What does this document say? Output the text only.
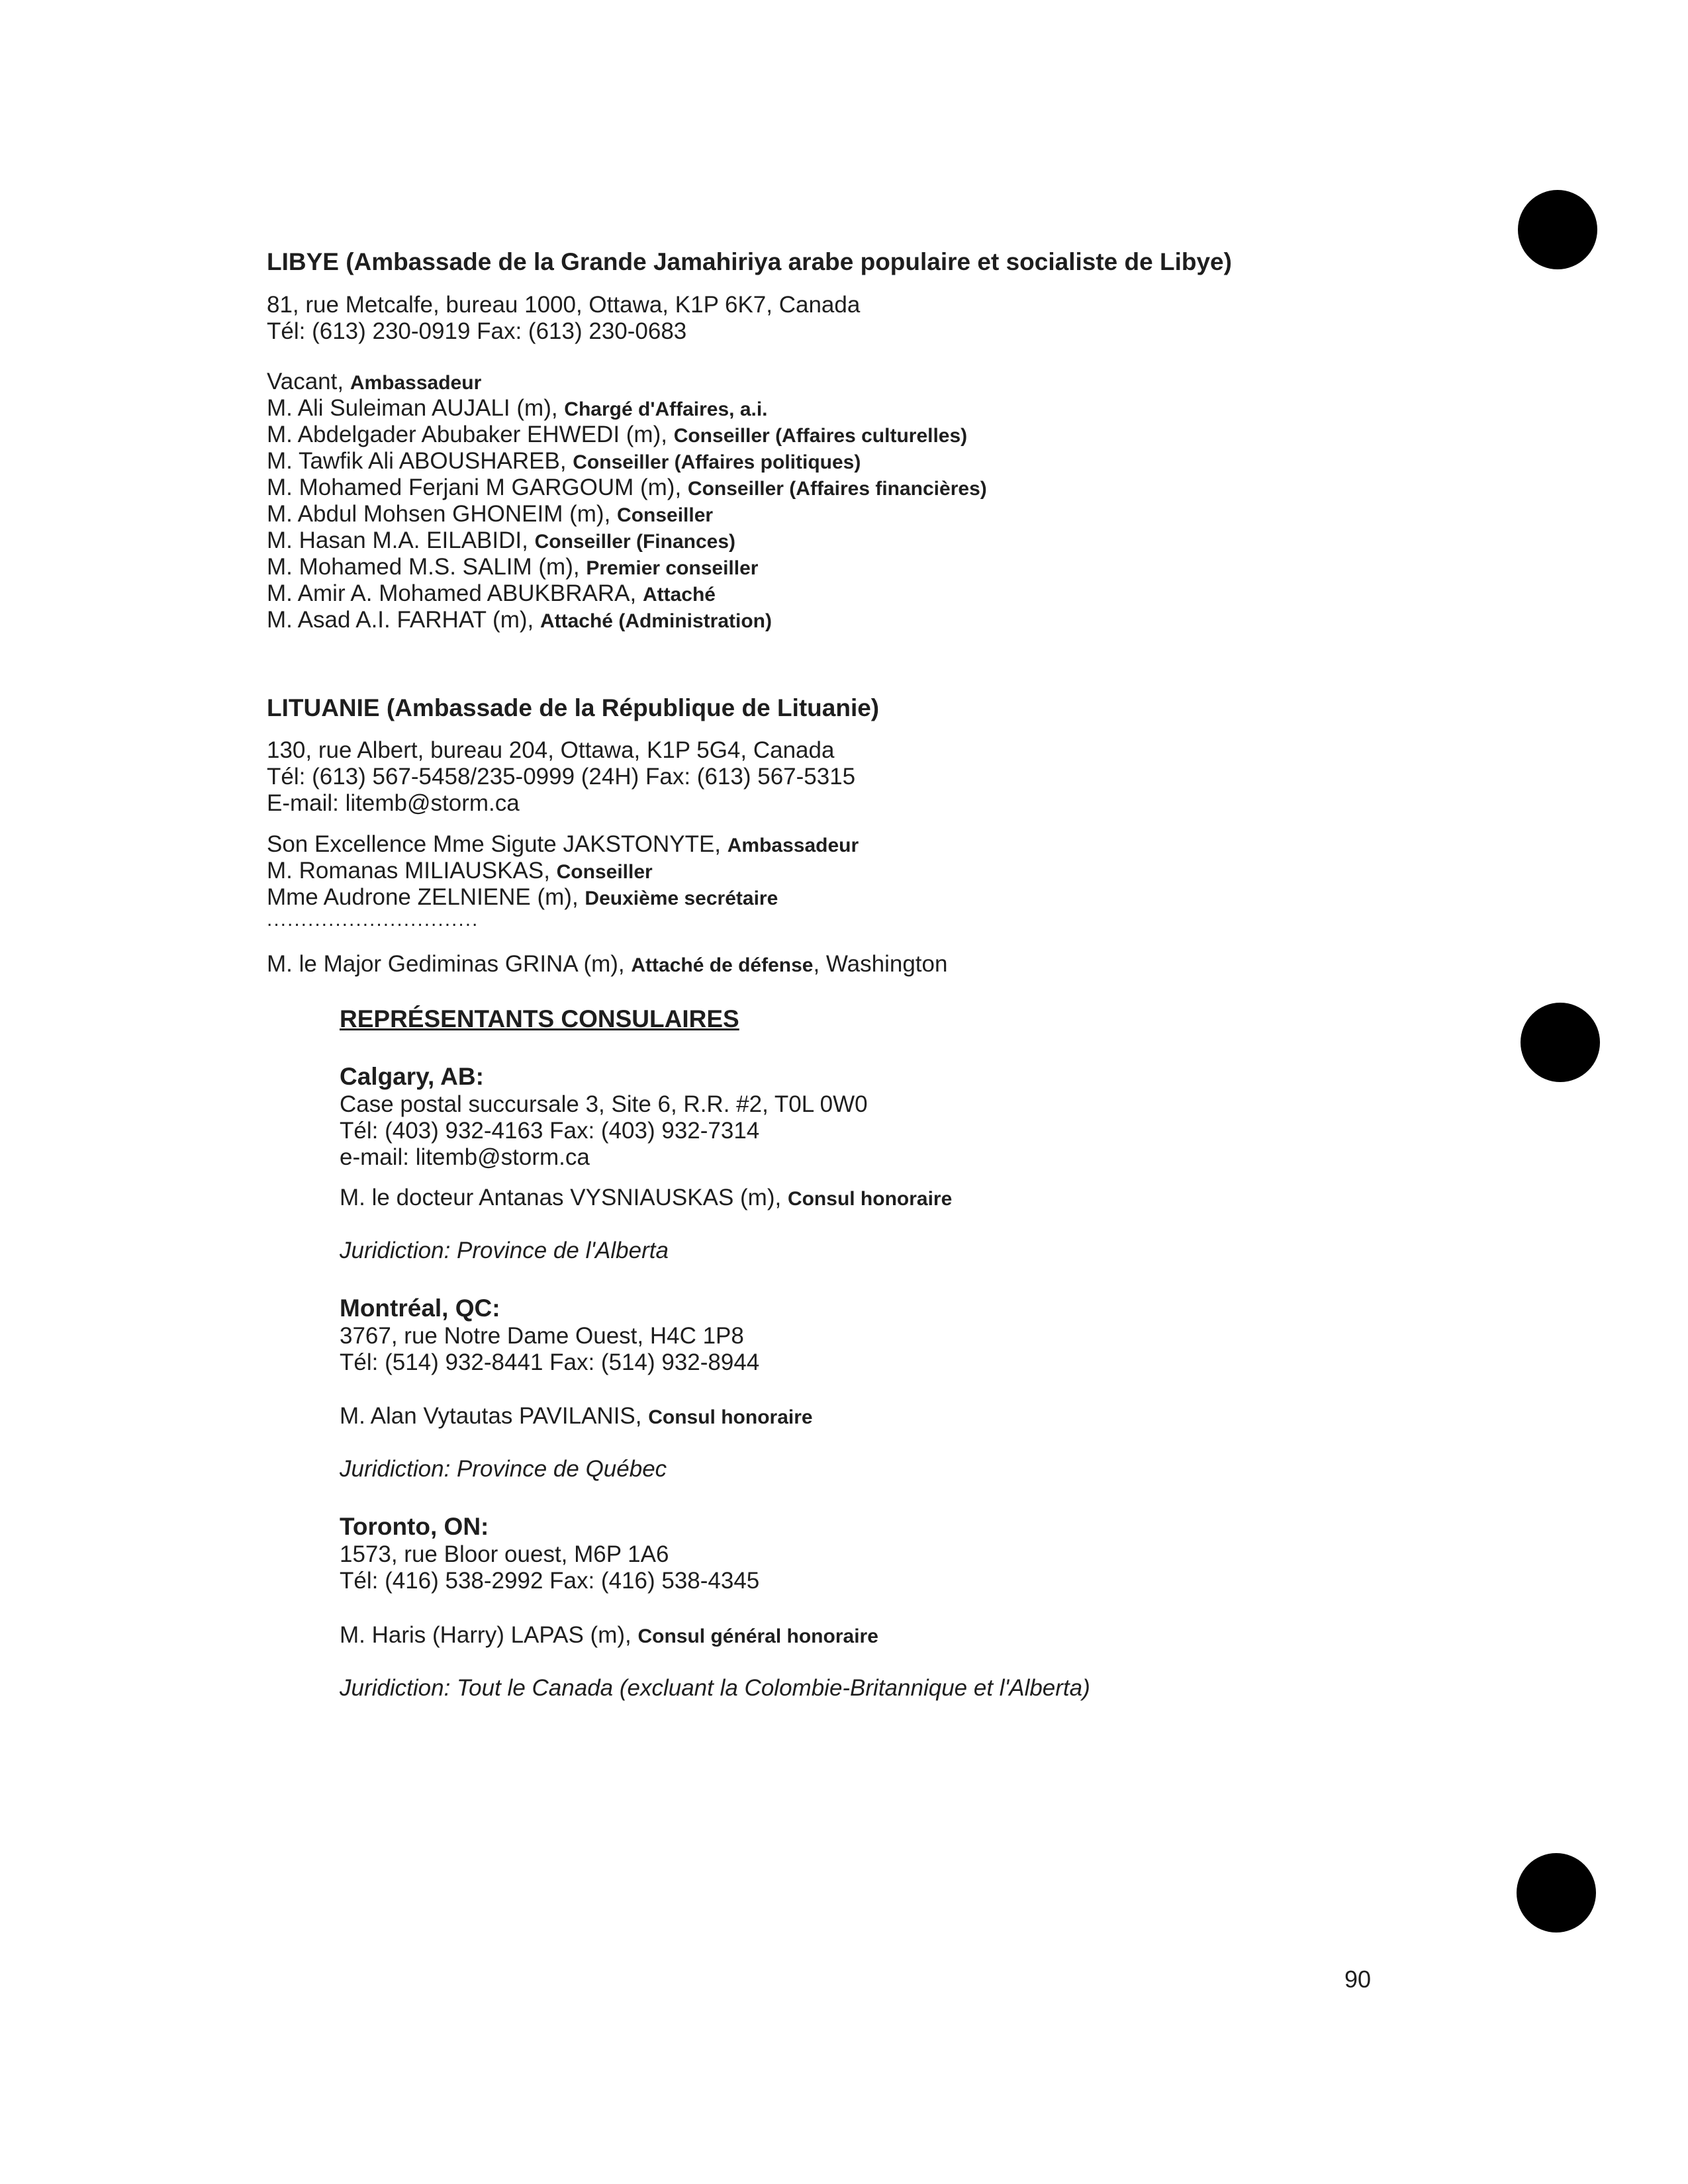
LIBYE (Ambassade de la Grande Jamahiriya arabe populaire et socialiste de Libye)
81, rue Metcalfe, bureau 1000, Ottawa, K1P 6K7, Canada
Tél: (613) 230-0919 Fax: (613) 230-0683
Vacant, Ambassadeur
M. Ali Suleiman AUJALI (m), Chargé d'Affaires, a.i.
M. Abdelgader Abubaker EHWEDI (m), Conseiller (Affaires culturelles)
M. Tawfik Ali ABOUSHAREB, Conseiller (Affaires politiques)
M. Mohamed Ferjani M GARGOUM (m), Conseiller (Affaires financières)
M. Abdul Mohsen GHONEIM (m), Conseiller
M. Hasan M.A. EILABIDI, Conseiller (Finances)
M. Mohamed M.S. SALIM (m), Premier conseiller
M. Amir A. Mohamed ABUKBRARA, Attaché
M. Asad A.I. FARHAT (m), Attaché (Administration)
LITUANIE (Ambassade de la République de Lituanie)
130, rue Albert, bureau 204, Ottawa, K1P 5G4, Canada
Tél: (613) 567-5458/235-0999 (24H) Fax: (613) 567-5315
E-mail: litemb@storm.ca
Son Excellence Mme Sigute JAKSTONYTE, Ambassadeur
M. Romanas MILIAUSKAS, Conseiller
Mme Audrone ZELNIENE (m), Deuxième secrétaire
...............................
M. le Major Gediminas GRINA (m), Attaché de défense, Washington
REPRÉSENTANTS CONSULAIRES
Calgary, AB:
Case postal succursale 3, Site 6, R.R. #2, T0L 0W0
Tél: (403) 932-4163 Fax: (403) 932-7314
e-mail: litemb@storm.ca
M. le docteur Antanas VYSNIAUSKAS (m), Consul honoraire
Juridiction: Province de l'Alberta
Montréal, QC:
3767, rue Notre Dame Ouest, H4C 1P8
Tél: (514) 932-8441 Fax: (514) 932-8944
M. Alan Vytautas PAVILANIS, Consul honoraire
Juridiction: Province de Québec
Toronto, ON:
1573, rue Bloor ouest, M6P 1A6
Tél: (416) 538-2992 Fax: (416) 538-4345
M. Haris (Harry) LAPAS (m), Consul général honoraire
Juridiction: Tout le Canada (excluant la Colombie-Britannique et l'Alberta)
90
